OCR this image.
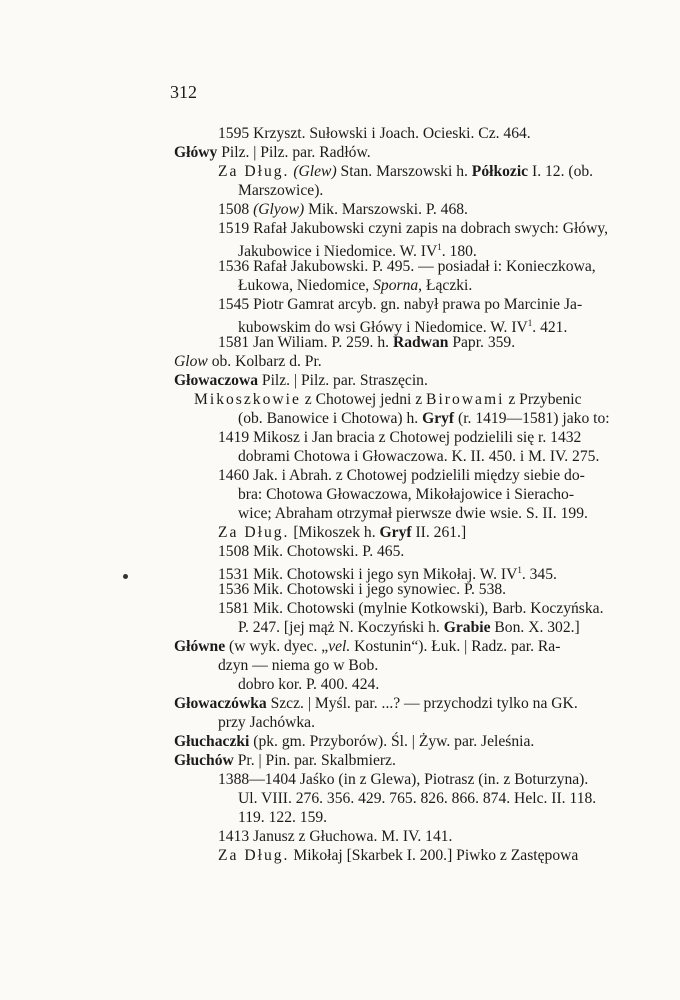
312
1595 Krzyszt. Sułowski i Joach. Ocieski. Cz. 464.
Główy Pilz. | Pilz. par. Radłów.
Za Dług. (Glew) Stan. Marszowski h. Półkozic I. 12. (ob.
Marszowice).
1508 (Glyow) Mik. Marszowski. P. 468.
1519 Rafał Jakubowski czyni zapis na dobrach swych: Główy,
Jakubowice i Niedomice. W. $IV^1$. 180.
1536 Rafał Jakubowski. P. 495. — posiadał i: Konieczkowa,
Łukowa, Niedomice, Sporna, Łączki.
1545 Piotr Gamrat arcyb. gn. nabył prawa po Marcinie Ja-
kubowskim do wsi Główy i Niedomice. W. $IV^1$. 421.
1581 Jan Wiliam. P. 259. h. Radwan Papr. 359.
Glow ob. Kolbarz d. Pr.
Głowaczowa Pilz. | Pilz. par. Straszęcin.
Mikoszkowie z Chotowej jedni z Birowami z Przybenic
(ob. Banowice i Chotowa) h. Gryf (r. 1419—1581) jako to:
1419 Mikosz i Jan bracia z Chotowej podzielili się r. 1432
dobrami Chotowa i Głowaczowa. K. II. 450. i M. IV. 275.
1460 Jak. i Abrah. z Chotowej podzielili między siebie do-
bra: Chotowa Głowaczowa, Mikołajowice i Sieracho-
wice; Abraham otrzymał pierwsze dwie wsie. S. II. 199.
Za Dług. [Mikoszek h. Gryf II. 261.]
1508 Mik. Chotowski. P. 465.
1531 Mik. Chotowski i jego syn Mikołaj. W. $IV^1$. 345.
1536 Mik. Chotowski i jego synowiec. P. 538.
1581 Mik. Chotowski (mylnie Kotkowski), Barb. Koczyńska.
P. 247. [jej mąż N. Koczyński h. Grabie Bon. X. 302.]
Główne (w wyk. dyec. „vel. Kostunin“). Łuk. | Radz. par. Ra-
dzyn — niema go w Bob.
dobro kor. P. 400. 424.
Głowaczówka Szcz. | Myśl. par. ...? — przychodzi tylko na GK.
przy Jachówka.
Głuchaczki (pk. gm. Przyborów). Śl. | Żyw. par. Jeleśnia.
Głuchów Pr. | Pin. par. Skalbmierz.
1388—1404 Jaśko (in z Glewa), Piotrasz (in. z Boturzyna).
Ul. VIII. 276. 356. 429. 765. 826. 866. 874. Helc. II. 118.
119. 122. 159.
1413 Janusz z Głuchowa. M. IV. 141.
Za Dług. Mikołaj [Skarbek I. 200.] Piwko z Zastępowa
